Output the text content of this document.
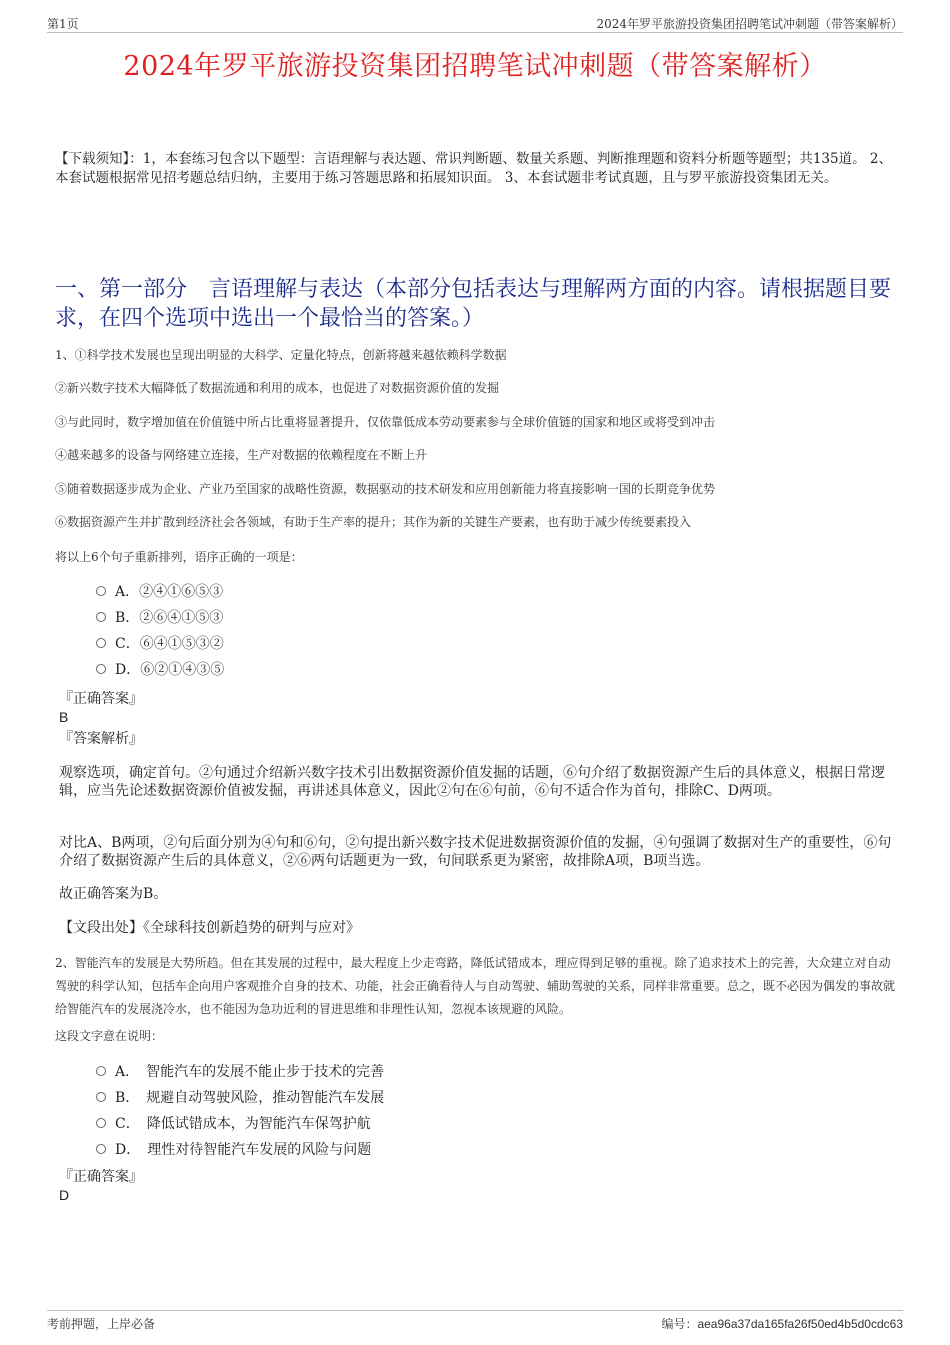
第1页	2024年罗平旅游投资集团招聘笔试冲刺题（带答案解析）
2024年罗平旅游投资集团招聘笔试冲刺题（带答案解析）
【下载须知】：1，本套练习包含以下题型：言语理解与表达题、常识判断题、数量关系题、判断推理题和资料分析题等题型；共135道。 2、本套试题根据常见招考题总结归纳，主要用于练习答题思路和拓展知识面。 3、本套试题非考试真题，且与罗平旅游投资集团无关。
一、第一部分　言语理解与表达（本部分包括表达与理解两方面的内容。请根据题目要求，在四个选项中选出一个最恰当的答案。）
1、①科学技术发展也呈现出明显的大科学、定量化特点，创新将越来越依赖科学数据
②新兴数字技术大幅降低了数据流通和利用的成本，也促进了对数据资源价值的发掘
③与此同时，数字增加值在价值链中所占比重将显著提升，仅依靠低成本劳动要素参与全球价值链的国家和地区或将受到冲击
④越来越多的设备与网络建立连接，生产对数据的依赖程度在不断上升
⑤随着数据逐步成为企业、产业乃至国家的战略性资源，数据驱动的技术研发和应用创新能力将直接影响一国的长期竞争优势
⑥数据资源产生并扩散到经济社会各领域，有助于生产率的提升；其作为新的关键生产要素，也有助于减少传统要素投入
将以上6个句子重新排列，语序正确的一项是：
A．②④①⑥⑤③
B．②⑥④①⑤③
C．⑥④①⑤③②
D．⑥②①④③⑤
『正确答案』
B
『答案解析』
观察选项，确定首句。②句通过介绍新兴数字技术引出数据资源价值发掘的话题，⑥句介绍了数据资源产生后的具体意义，根据日常逻辑，应当先论述数据资源价值被发掘，再讲述具体意义，因此②句在⑥句前，⑥句不适合作为首句，排除C、D两项。
对比A、B两项，②句后面分别为④句和⑥句，②句提出新兴数字技术促进数据资源价值的发掘，④句强调了数据对生产的重要性，⑥句介绍了数据资源产生后的具体意义，②⑥两句话题更为一致，句间联系更为紧密，故排除A项，B项当选。
故正确答案为B。
【文段出处】《全球科技创新趋势的研判与应对》
2、智能汽车的发展是大势所趋。但在其发展的过程中，最大程度上少走弯路，降低试错成本，理应得到足够的重视。除了追求技术上的完善，大众建立对自动驾驶的科学认知，包括车企向用户客观推介自身的技术、功能，社会正确看待人与自动驾驶、辅助驾驶的关系，同样非常重要。总之，既不必因为偶发的事故就给智能汽车的发展浇冷水，也不能因为急功近利的冒进思维和非理性认知，忽视本该规避的风险。
这段文字意在说明：
A．　智能汽车的发展不能止步于技术的完善
B．　规避自动驾驶风险，推动智能汽车发展
C．　降低试错成本，为智能汽车保驾护航
D．　理性对待智能汽车发展的风险与问题
『正确答案』
D
考前押题，上岸必备	编号：aea96a37da165fa26f50ed4b5d0cdc63
